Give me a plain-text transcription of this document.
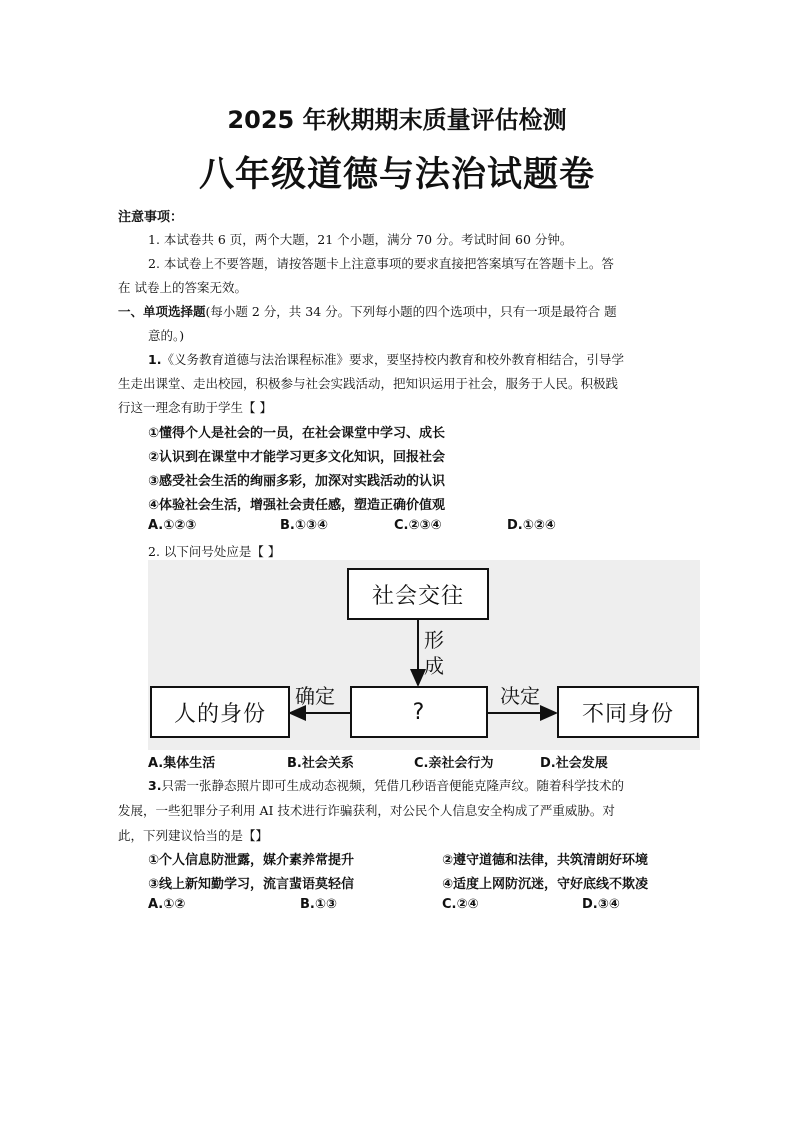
2025 年秋期期末质量评估检测
八年级道德与法治试题卷
注意事项：
1. 本试卷共 6 页，两个大题，21 个小题，满分 70 分。考试时间 60 分钟。
2. 本试卷上不要答题，请按答题卡上注意事项的要求直接把答案填写在答题卡上。答
在 试卷上的答案无效。
一、单项选择题(每小题 2 分，共 34 分。下列每小题的四个选项中，只有一项是最符合 题
意的。)
1.《义务教育道德与法治课程标准》要求，要坚持校内教育和校外教育相结合，引导学
生走出课堂、走出校园，积极参与社会实践活动，把知识运用于社会，服务于人民。积极践
行这一理念有助于学生【 】
①懂得个人是社会的一员，在社会课堂中学习、成长
②认识到在课堂中才能学习更多文化知识，回报社会
③感受社会生活的绚丽多彩，加深对实践活动的认识
④体验社会生活，增强社会责任感，塑造正确价值观
A.①②③	B.①③④	C.②③④	D.①②④
2. 以下问号处应是【 】
社会交往
?
人的身份	不同身份
形
成
确定	决定
A.集体生活	B.社会关系	C.亲社会行为	D.社会发展
3.只需一张静态照片即可生成动态视频，凭借几秒语音便能克隆声纹。随着科学技术的
发展，一些犯罪分子利用 AI 技术进行诈骗获利，对公民个人信息安全构成了严重威胁。对
此，下列建议恰当的是【】
①个人信息防泄露，媒介素养常提升	②遵守道德和法律，共筑清朗好环境
③线上新知勤学习，流言蜚语莫轻信	④适度上网防沉迷，守好底线不欺凌
A.①②	B.①③	C.②④	D.③④
